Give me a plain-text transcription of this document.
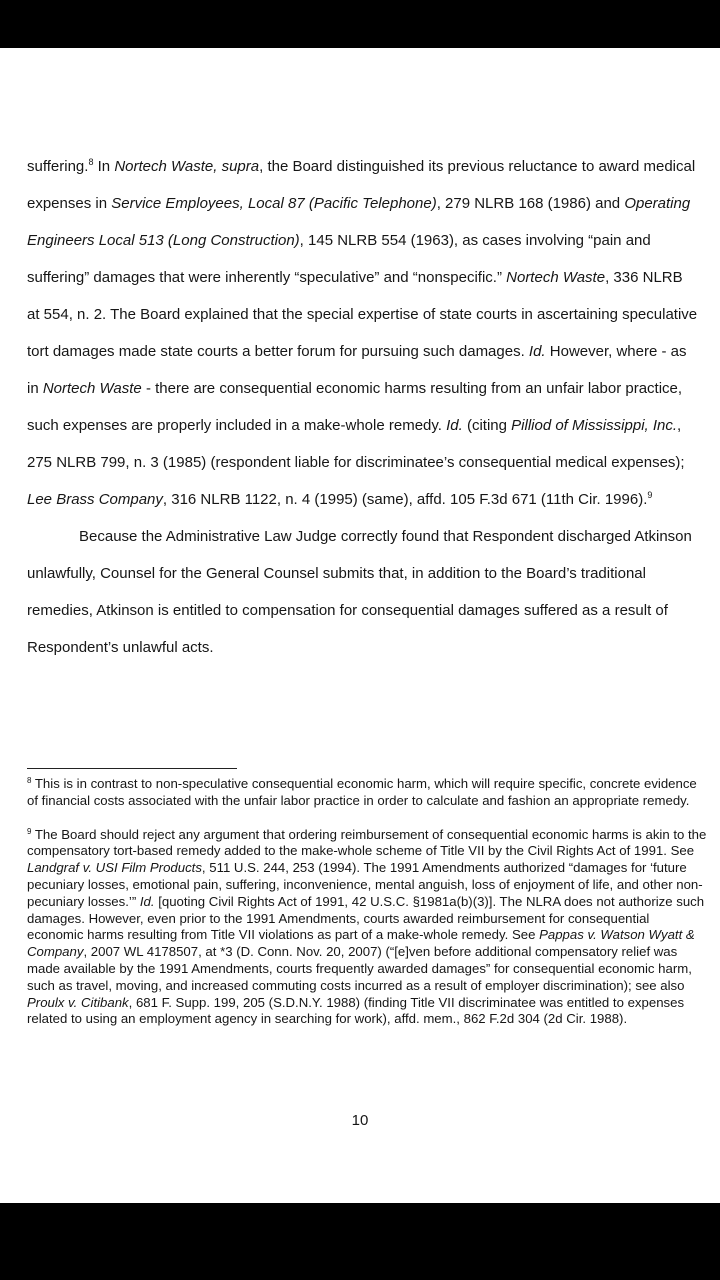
suffering.$^8$ In Nortech Waste, supra, the Board distinguished its previous reluctance to award medical expenses in Service Employees, Local 87 (Pacific Telephone), 279 NLRB 168 (1986) and Operating Engineers Local 513 (Long Construction), 145 NLRB 554 (1963), as cases involving “pain and suffering” damages that were inherently “speculative” and “nonspecific.” Nortech Waste, 336 NLRB at 554, n. 2. The Board explained that the special expertise of state courts in ascertaining speculative tort damages made state courts a better forum for pursuing such damages. Id. However, where - as in Nortech Waste - there are consequential economic harms resulting from an unfair labor practice, such expenses are properly included in a make-whole remedy. Id. (citing Pilliod of Mississippi, Inc., 275 NLRB 799, n. 3 (1985) (respondent liable for discriminatee’s consequential medical expenses); Lee Brass Company, 316 NLRB 1122, n. 4 (1995) (same), affd. 105 F.3d 671 (11th Cir. 1996).$^9$

Because the Administrative Law Judge correctly found that Respondent discharged Atkinson unlawfully, Counsel for the General Counsel submits that, in addition to the Board’s traditional remedies, Atkinson is entitled to compensation for consequential damages suffered as a result of Respondent’s unlawful acts.

$^8$ This is in contrast to non-speculative consequential economic harm, which will require specific, concrete evidence of financial costs associated with the unfair labor practice in order to calculate and fashion an appropriate remedy.

$^9$ The Board should reject any argument that ordering reimbursement of consequential economic harms is akin to the compensatory tort-based remedy added to the make-whole scheme of Title VII by the Civil Rights Act of 1991. See Landgraf v. USI Film Products, 511 U.S. 244, 253 (1994). The 1991 Amendments authorized “damages for ‘future pecuniary losses, emotional pain, suffering, inconvenience, mental anguish, loss of enjoyment of life, and other non- pecuniary losses.’” Id. [quoting Civil Rights Act of 1991, 42 U.S.C. §1981a(b)(3)]. The NLRA does not authorize such damages. However, even prior to the 1991 Amendments, courts awarded reimbursement for consequential economic harms resulting from Title VII violations as part of a make-whole remedy. See Pappas v. Watson Wyatt & Company, 2007 WL 4178507, at *3 (D. Conn. Nov. 20, 2007) (“[e]ven before additional compensatory relief was made available by the 1991 Amendments, courts frequently awarded damages” for consequential economic harm, such as travel, moving, and increased commuting costs incurred as a result of employer discrimination); see also Proulx v. Citibank, 681 F. Supp. 199, 205 (S.D.N.Y. 1988) (finding Title VII discriminatee was entitled to expenses related to using an employment agency in searching for work), affd. mem., 862 F.2d 304 (2d Cir. 1988).

10
